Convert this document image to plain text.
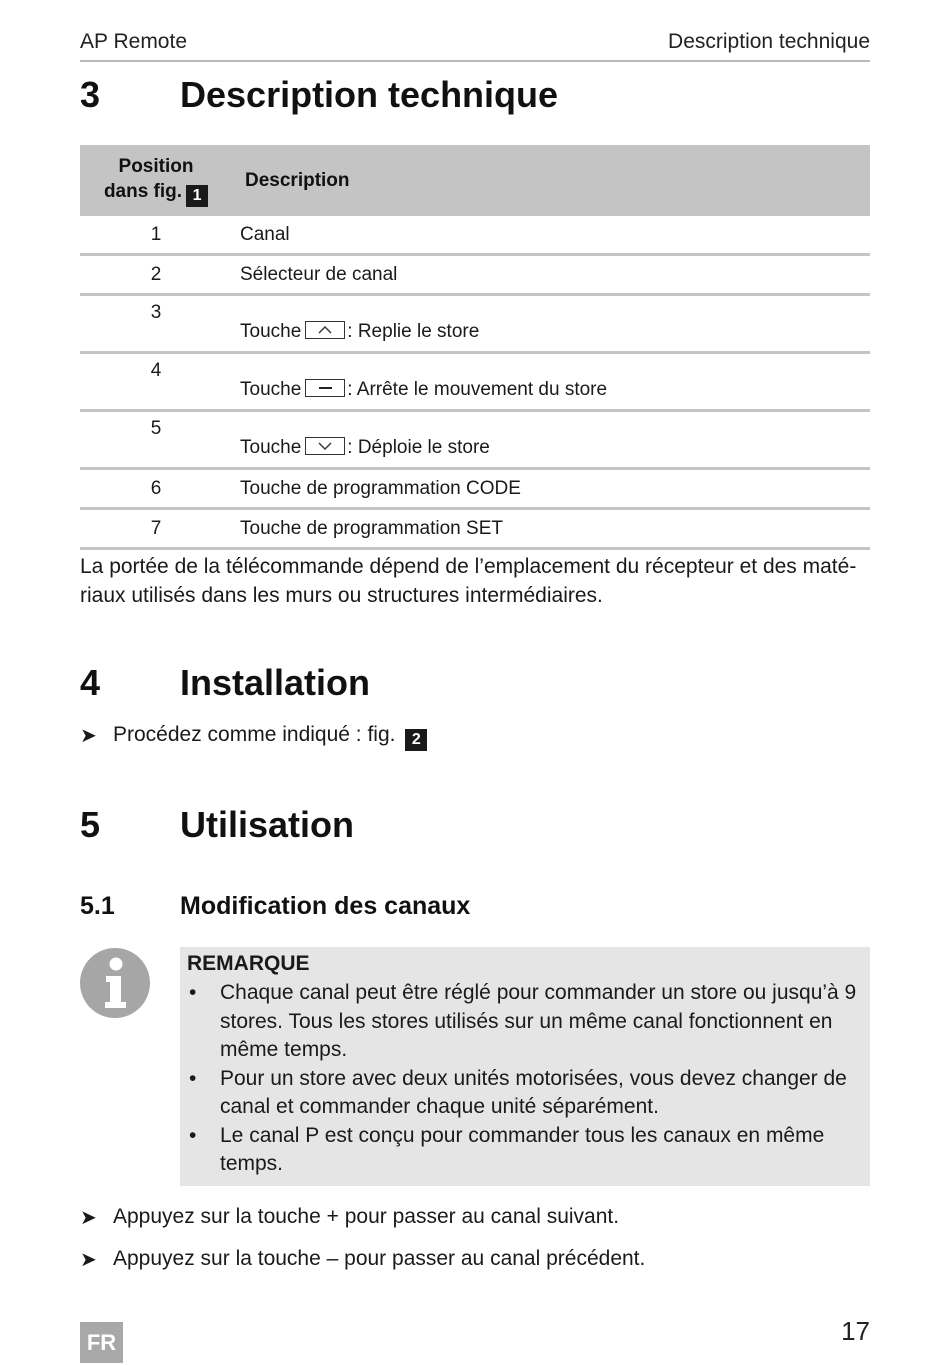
AP Remote	Description technique
3 Description technique
Position
dans fig. 1	Description
1	Canal
2	Sélecteur de canal
3	Touche : Replie le store
4	Touche : Arrête le mouvement du store
5	Touche : Déploie le store
6	Touche de programmation CODE
7	Touche de programmation SET
La portée de la télécommande dépend de l’emplacement du récepteur et des maté-
riaux utilisés dans les murs ou structures intermédiaires.
4 Installation
➤ Procédez comme indiqué : fig. 2
5 Utilisation
5.1	Modification des canaux
REMARQUE
• Chaque canal peut être réglé pour commander un store ou jusqu’à 9 stores. Tous les stores utilisés sur un même canal fonctionnent en même temps.
• Pour un store avec deux unités motorisées, vous devez changer de canal et commander chaque unité séparément.
• Le canal P est conçu pour commander tous les canaux en même temps.
➤ Appuyez sur la touche + pour passer au canal suivant.
➤ Appuyez sur la touche – pour passer au canal précédent.
FR	17
